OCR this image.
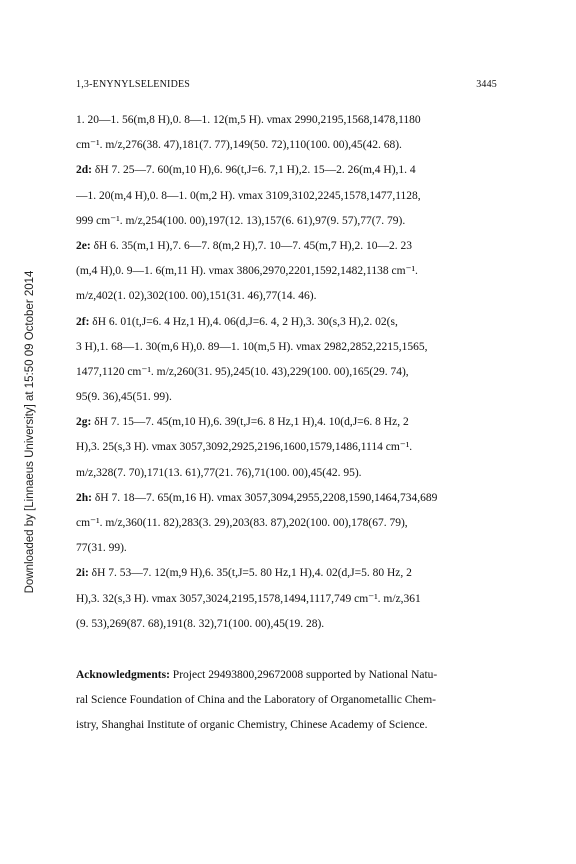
Downloaded by [Linnaeus University] at 15:50 09 October 2014
1,3-ENYNYLSELENIDES	3445
1. 20—1. 56(m,8 H),0. 8—1. 12(m,5 H). νmax 2990,2195,1568,1478,1180
cm⁻¹. m/z,276(38. 47),181(7. 77),149(50. 72),110(100. 00),45(42. 68).
2d: δH 7. 25—7. 60(m,10 H),6. 96(t,J=6. 7,1 H),2. 15—2. 26(m,4 H),1. 4
—1. 20(m,4 H),0. 8—1. 0(m,2 H). νmax 3109,3102,2245,1578,1477,1128,
999 cm⁻¹. m/z,254(100. 00),197(12. 13),157(6. 61),97(9. 57),77(7. 79).
2e: δH 6. 35(m,1 H),7. 6—7. 8(m,2 H),7. 10—7. 45(m,7 H),2. 10—2. 23
(m,4 H),0. 9—1. 6(m,11 H). νmax 3806,2970,2201,1592,1482,1138 cm⁻¹.
m/z,402(1. 02),302(100. 00),151(31. 46),77(14. 46).
2f: δH 6. 01(t,J=6. 4 Hz,1 H),4. 06(d,J=6. 4, 2 H),3. 30(s,3 H),2. 02(s,
3 H),1. 68—1. 30(m,6 H),0. 89—1. 10(m,5 H). νmax 2982,2852,2215,1565,
1477,1120 cm⁻¹. m/z,260(31. 95),245(10. 43),229(100. 00),165(29. 74),
95(9. 36),45(51. 99).
2g: δH 7. 15—7. 45(m,10 H),6. 39(t,J=6. 8 Hz,1 H),4. 10(d,J=6. 8 Hz, 2
H),3. 25(s,3 H). νmax 3057,3092,2925,2196,1600,1579,1486,1114 cm⁻¹.
m/z,328(7. 70),171(13. 61),77(21. 76),71(100. 00),45(42. 95).
2h: δH 7. 18—7. 65(m,16 H). νmax 3057,3094,2955,2208,1590,1464,734,689
cm⁻¹. m/z,360(11. 82),283(3. 29),203(83. 87),202(100. 00),178(67. 79),
77(31. 99).
2i: δH 7. 53—7. 12(m,9 H),6. 35(t,J=5. 80 Hz,1 H),4. 02(d,J=5. 80 Hz, 2
H),3. 32(s,3 H). νmax 3057,3024,2195,1578,1494,1117,749 cm⁻¹. m/z,361
(9. 53),269(87. 68),191(8. 32),71(100. 00),45(19. 28).
Acknowledgments: Project 29493800,29672008 supported by National Natu-
ral Science Foundation of China and the Laboratory of Organometallic Chem-
istry, Shanghai Institute of organic Chemistry, Chinese Academy of Science.
